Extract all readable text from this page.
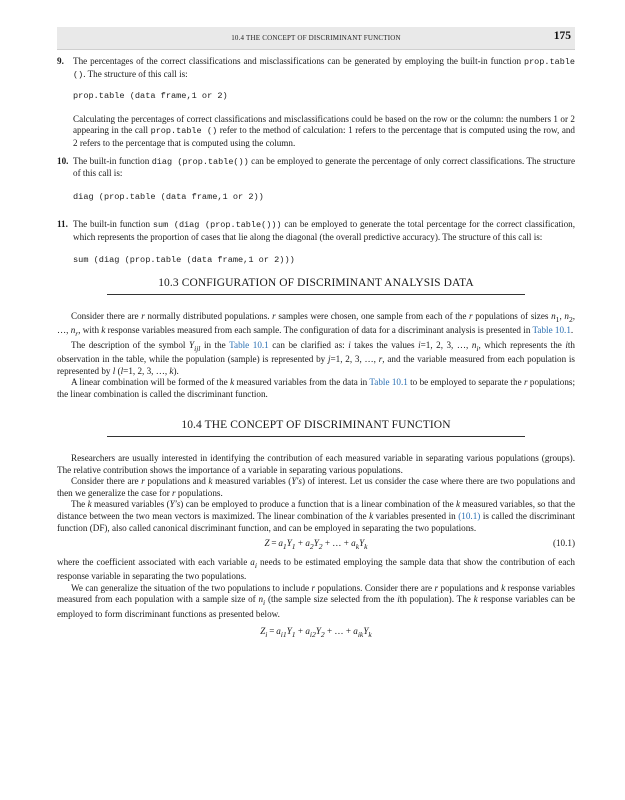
10.4 THE CONCEPT OF DISCRIMINANT FUNCTION	175
9. The percentages of the correct classifications and misclassifications can be generated by employing the built-in function prop.table (). The structure of this call is:

prop.table (data frame,1 or 2)

Calculating the percentages of correct classifications and misclassifications could be based on the row or the column: the numbers 1 or 2 appearing in the call prop.table () refer to the method of calculation: 1 refers to the percentage that is computed using the row, and 2 refers to the percentage that is computed using the column.

10. The built-in function diag (prop.table()) can be employed to generate the percentage of only correct classifications. The structure of this call is:

diag (prop.table (data frame,1 or 2))
11. The built-in function sum (diag (prop.table())) can be employed to generate the total percentage for the correct classification, which represents the proportion of cases that lie along the diagonal (the overall predictive accuracy). The structure of this call is:

sum (diag (prop.table (data frame,1 or 2)))
10.3 CONFIGURATION OF DISCRIMINANT ANALYSIS DATA

Consider there are r normally distributed populations. r samples were chosen, one sample from each of the r populations of sizes $n_1$, $n_2$, …, $n_r$, with k response variables measured from each sample. The configuration of data for a discriminant analysis is presented in Table 10.1.

The description of the symbol $Y_{ijl}$ in the Table 10.1 can be clarified as: i takes the values i=1, 2, 3, …, $n_i$, which represents the ith observation in the table, while the population (sample) is represented by j=1, 2, 3, …, r, and the variable measured from each population is represented by l (l=1, 2, 3, …, k).

A linear combination will be formed of the k measured variables from the data in Table 10.1 to be employed to separate the r populations; the linear combination is called the discriminant function.

10.4 THE CONCEPT OF DISCRIMINANT FUNCTION

Researchers are usually interested in identifying the contribution of each measured variable in separating various populations (groups). The relative contribution shows the importance of a variable in separating various populations.

Consider there are r populations and k measured variables (Y′s) of interest. Let us consider the case where there are two populations and then we generalize the case for r populations.

The k measured variables (Y′s) can be employed to produce a function that is a linear combination of the k measured variables, so that the distance between the two mean vectors is maximized. The linear combination of the k variables presented in (10.1) is called the discriminant function (DF), also called canonical discriminant function, and can be employed in separating the two populations.

$Z = a_1Y_1 + a_2Y_2$ + … + $a_kY_k$	(10.1)

where the coefficient associated with each variable $a_i$ needs to be estimated employing the sample data that show the contribution of each response variable in separating the two populations.

We can generalize the situation of the two populations to include r populations. Consider there are r populations and k response variables measured from each population with a sample size of $n_i$ (the sample size selected from the ith population). The k response variables can be employed to form discriminant functions as presented below.

$Z_i = a_{i1}Y_1 + a_{i2}Y_2$ + … + $a_{ik}Y_k$
